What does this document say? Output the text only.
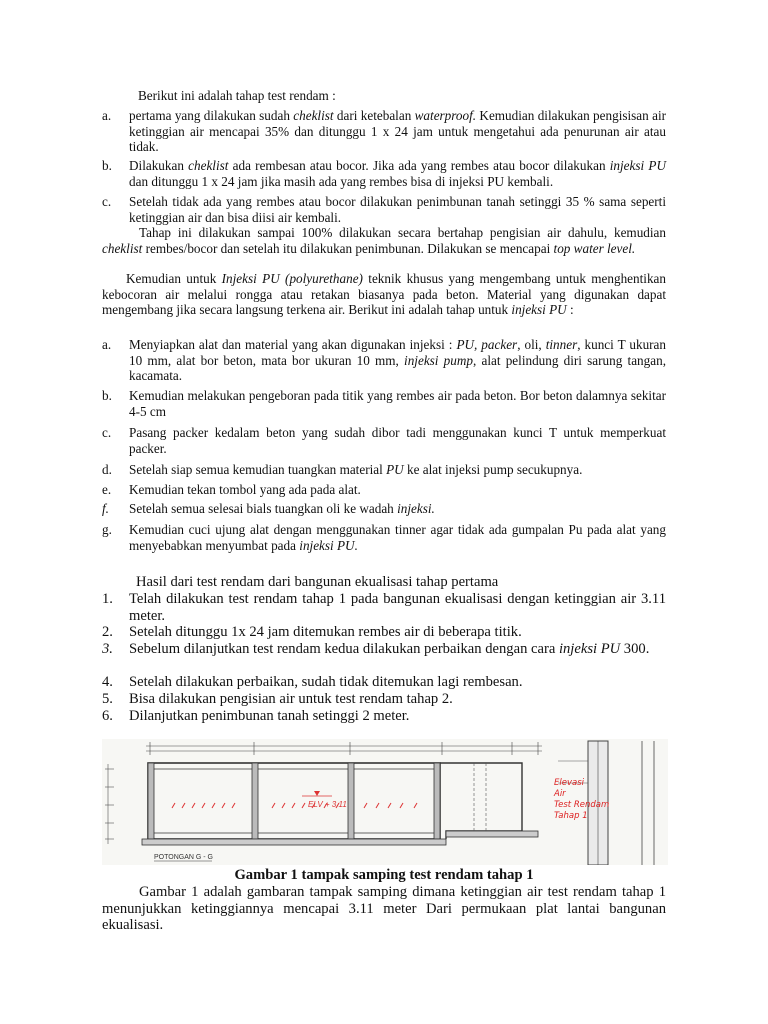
Berikut ini adalah tahap test rendam :

a. pertama yang dilakukan sudah cheklist dari ketebalan waterproof. Kemudian dilakukan pengisisan air ketinggian air mencapai 35% dan ditunggu 1 x 24 jam untuk mengetahui ada penurunan air atau tidak.

b. Dilakukan cheklist ada rembesan atau bocor. Jika ada yang rembes atau bocor dilakukan injeksi PU dan ditunggu 1 x 24 jam jika masih ada yang rembes bisa di injeksi PU kembali.

c. Setelah tidak ada yang rembes atau bocor dilakukan penimbunan tanah setinggi 35 % sama seperti ketinggian air dan bisa diisi air kembali.

Tahap ini dilakukan sampai 100% dilakukan secara bertahap pengisian air dahulu, kemudian cheklist rembes/bocor dan setelah itu dilakukan penimbunan. Dilakukan se mencapai top water level.

Kemudian untuk Injeksi PU (polyurethane) teknik khusus yang mengembang untuk menghentikan kebocoran air melalui rongga atau retakan biasanya pada beton. Material yang digunakan dapat mengembang jika secara langsung terkena air. Berikut ini adalah tahap untuk injeksi PU :

a. Menyiapkan alat dan material yang akan digunakan injeksi : PU, packer, oli, tinner, kunci T ukuran 10 mm, alat bor beton, mata bor ukuran 10 mm, injeksi pump, alat pelindung diri sarung tangan, kacamata.

b. Kemudian melakukan pengeboran pada titik yang rembes air pada beton. Bor beton dalamnya sekitar 4-5 cm

c. Pasang packer kedalam beton yang sudah dibor tadi menggunakan kunci T untuk memperkuat packer.

d. Setelah siap semua kemudian tuangkan material PU ke alat injeksi pump secukupnya.

e. Kemudian tekan tombol yang ada pada alat.

f. Setelah semua selesai bials tuangkan oli ke wadah injeksi.

g. Kemudian cuci ujung alat dengan menggunakan tinner agar tidak ada gumpalan Pu pada alat yang menyebabkan menyumbat pada injeksi PU.

Hasil dari test rendam dari bangunan ekualisasi tahap pertama

1. Telah dilakukan test rendam tahap 1 pada bangunan ekualisasi dengan ketinggian air 3.11 meter.

2. Setelah ditunggu 1x 24 jam ditemukan rembes air di beberapa titik.

3. Sebelum dilanjutkan test rendam kedua dilakukan perbaikan dengan cara injeksi PU 300.

4. Setelah dilakukan perbaikan, sudah tidak ditemukan lagi rembesan.

5. Bisa dilakukan pengisian air untuk test rendam tahap 2.

6. Dilanjutkan penimbunan tanah setinggi 2 meter.

ELV + 3.11
POTONGAN G - G
Elevasi
Air
Test Rendam
Tahap 1
Gambar 1 tampak samping test rendam tahap 1

Gambar 1 adalah gambaran tampak samping dimana ketinggian air test rendam tahap 1 menunjukkan ketinggiannya mencapai 3.11 meter Dari permukaan plat lantai bangunan ekualisasi.
